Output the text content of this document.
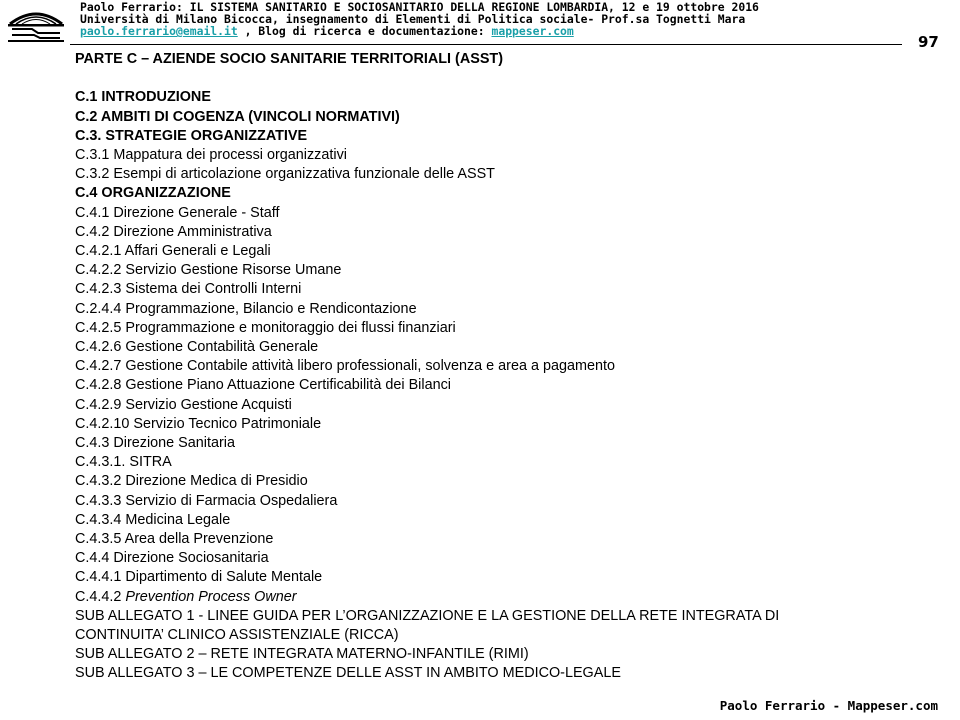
Paolo Ferrario: IL SISTEMA SANITARIO E SOCIOSANITARIO DELLA REGIONE LOMBARDIA, 12 e 19 ottobre 2016
Università di Milano Bicocca, insegnamento di Elementi di Politica sociale- Prof.sa Tognetti Mara
paolo.ferrario@email.it , Blog di ricerca e documentazione: mappeser.com
97
PARTE C – AZIENDE SOCIO SANITARIE TERRITORIALI (ASST)
C.1 INTRODUZIONE
C.2 AMBITI DI COGENZA (VINCOLI NORMATIVI)
C.3. STRATEGIE ORGANIZZATIVE
C.3.1 Mappatura dei processi organizzativi
C.3.2 Esempi di articolazione organizzativa funzionale delle ASST
C.4 ORGANIZZAZIONE
C.4.1 Direzione Generale - Staff
C.4.2 Direzione Amministrativa
C.4.2.1 Affari Generali e Legali
C.4.2.2 Servizio Gestione Risorse Umane
C.4.2.3 Sistema dei Controlli Interni
C.2.4.4 Programmazione, Bilancio e Rendicontazione
C.4.2.5 Programmazione e monitoraggio dei flussi finanziari
C.4.2.6 Gestione Contabilità Generale
C.4.2.7 Gestione Contabile attività libero professionali, solvenza e area a pagamento
C.4.2.8 Gestione Piano Attuazione Certificabilità dei Bilanci
C.4.2.9 Servizio Gestione Acquisti
C.4.2.10 Servizio Tecnico Patrimoniale
C.4.3 Direzione Sanitaria
C.4.3.1. SITRA
C.4.3.2 Direzione Medica di Presidio
C.4.3.3 Servizio di Farmacia Ospedaliera
C.4.3.4 Medicina Legale
C.4.3.5 Area della Prevenzione
C.4.4 Direzione Sociosanitaria
C.4.4.1 Dipartimento di Salute Mentale
C.4.4.2 Prevention Process Owner
SUB ALLEGATO 1 - LINEE GUIDA PER L’ORGANIZZAZIONE E LA GESTIONE DELLA RETE INTEGRATA DI
CONTINUITA’ CLINICO ASSISTENZIALE (RICCA)
SUB ALLEGATO 2 – RETE INTEGRATA MATERNO-INFANTILE (RIMI)
SUB ALLEGATO 3 – LE COMPETENZE DELLE ASST IN AMBITO MEDICO-LEGALE
Paolo Ferrario - Mappeser.com
